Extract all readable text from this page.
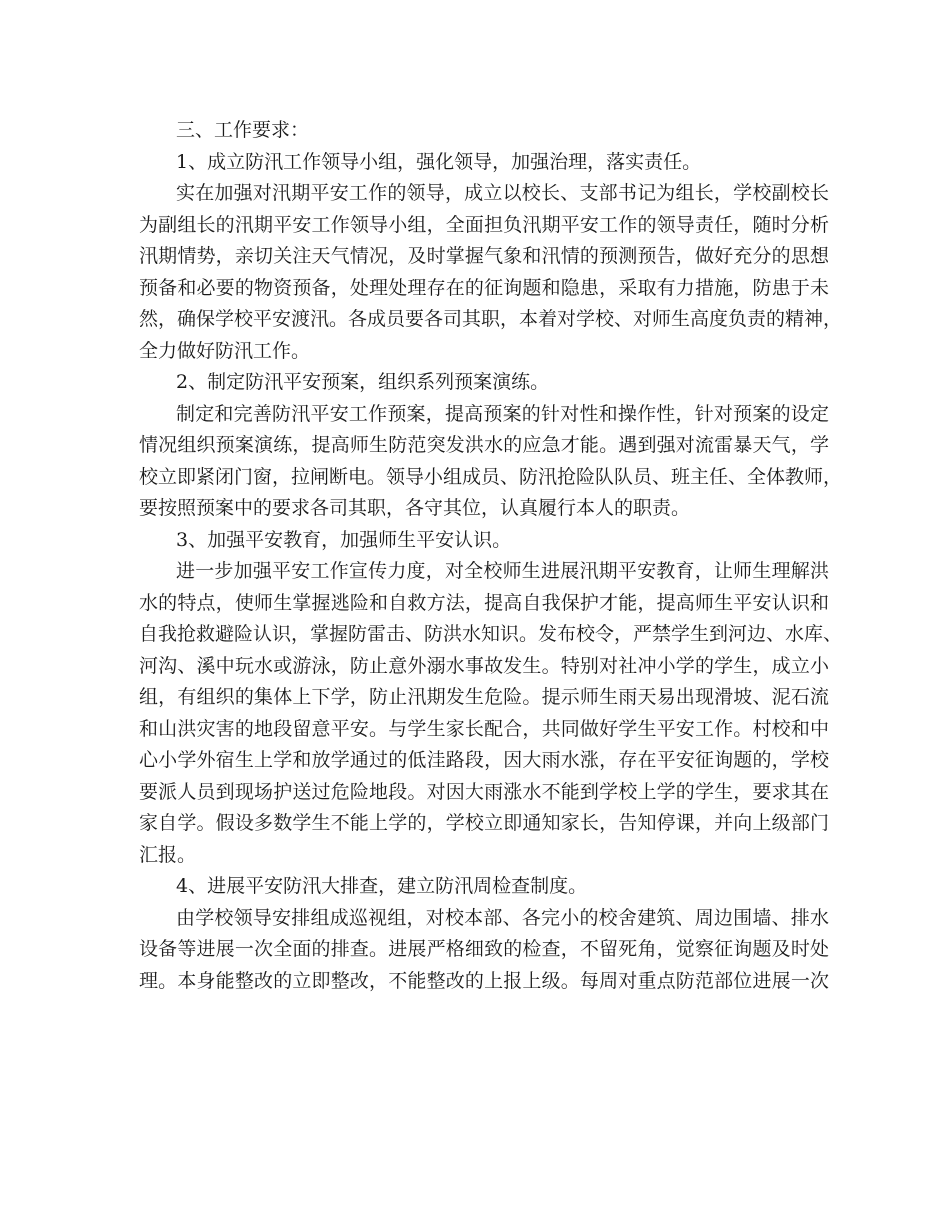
三、工作要求：
1、成立防汛工作领导小组，强化领导，加强治理，落实责任。
实在加强对汛期平安工作的领导，成立以校长、支部书记为组长，学校副校长
为副组长的汛期平安工作领导小组，全面担负汛期平安工作的领导责任，随时分析
汛期情势，亲切关注天气情况，及时掌握气象和汛情的预测预告，做好充分的思想
预备和必要的物资预备，处理处理存在的征询题和隐患，采取有力措施，防患于未
然，确保学校平安渡汛。各成员要各司其职，本着对学校、对师生高度负责的精神，
全力做好防汛工作。
2、制定防汛平安预案，组织系列预案演练。
制定和完善防汛平安工作预案，提高预案的针对性和操作性，针对预案的设定
情况组织预案演练，提高师生防范突发洪水的应急才能。遇到强对流雷暴天气，学
校立即紧闭门窗，拉闸断电。领导小组成员、防汛抢险队队员、班主任、全体教师，
要按照预案中的要求各司其职，各守其位，认真履行本人的职责。
3、加强平安教育，加强师生平安认识。
进一步加强平安工作宣传力度，对全校师生进展汛期平安教育，让师生理解洪
水的特点，使师生掌握逃险和自救方法，提高自我保护才能，提高师生平安认识和
自我抢救避险认识，掌握防雷击、防洪水知识。发布校令，严禁学生到河边、水库、
河沟、溪中玩水或游泳，防止意外溺水事故发生。特别对社冲小学的学生，成立小
组，有组织的集体上下学，防止汛期发生危险。提示师生雨天易出现滑坡、泥石流
和山洪灾害的地段留意平安。与学生家长配合，共同做好学生平安工作。村校和中
心小学外宿生上学和放学通过的低洼路段，因大雨水涨，存在平安征询题的，学校
要派人员到现场护送过危险地段。对因大雨涨水不能到学校上学的学生，要求其在
家自学。假设多数学生不能上学的，学校立即通知家长，告知停课，并向上级部门
汇报。
4、进展平安防汛大排查，建立防汛周检查制度。
由学校领导安排组成巡视组，对校本部、各完小的校舍建筑、周边围墙、排水
设备等进展一次全面的排查。进展严格细致的检查，不留死角，觉察征询题及时处
理。本身能整改的立即整改，不能整改的上报上级。每周对重点防范部位进展一次
